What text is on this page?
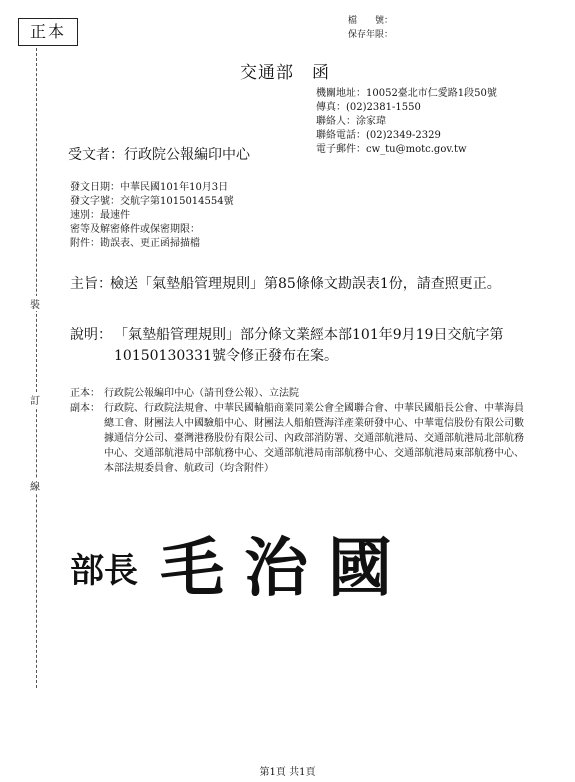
正本
檔　　號：
保存年限：
交通部　函
機關地址：10052臺北市仁愛路1段50號
傳真：(02)2381-1550
聯絡人：涂家瑋
聯絡電話：(02)2349-2329
電子郵件：cw_tu@motc.gov.tw
受文者：行政院公報編印中心
發文日期：中華民國101年10月3日
發文字號：交航字第1015014554號
速別：最速件
密等及解密條件或保密期限：
附件：勘誤表、更正函掃描檔
主旨：
檢送「氣墊船管理規則」第85條條文勘誤表1份，請查照更正。
說明： 「氣墊船管理規則」部分條文業經本部101年9月19日交航字第10150130331號令修正發布在案。
正本： 行政院公報編印中心（請刊登公報）、立法院
副本： 行政院、行政院法規會、中華民國輪船商業同業公會全國聯合會、中華民國船長公會、中華海員總工會、財團法人中國驗船中心、財團法人船舶暨海洋產業研發中心、中華電信股份有限公司數據通信分公司、臺灣港務股份有限公司、內政部消防署、交通部航港局、交通部航港局北部航務中心、交通部航港局中部航務中心、交通部航港局南部航務中心、交通部航港局東部航務中心、本部法規委員會、航政司（均含附件）
裝
訂
線
部長 毛治國
第1頁 共1頁
